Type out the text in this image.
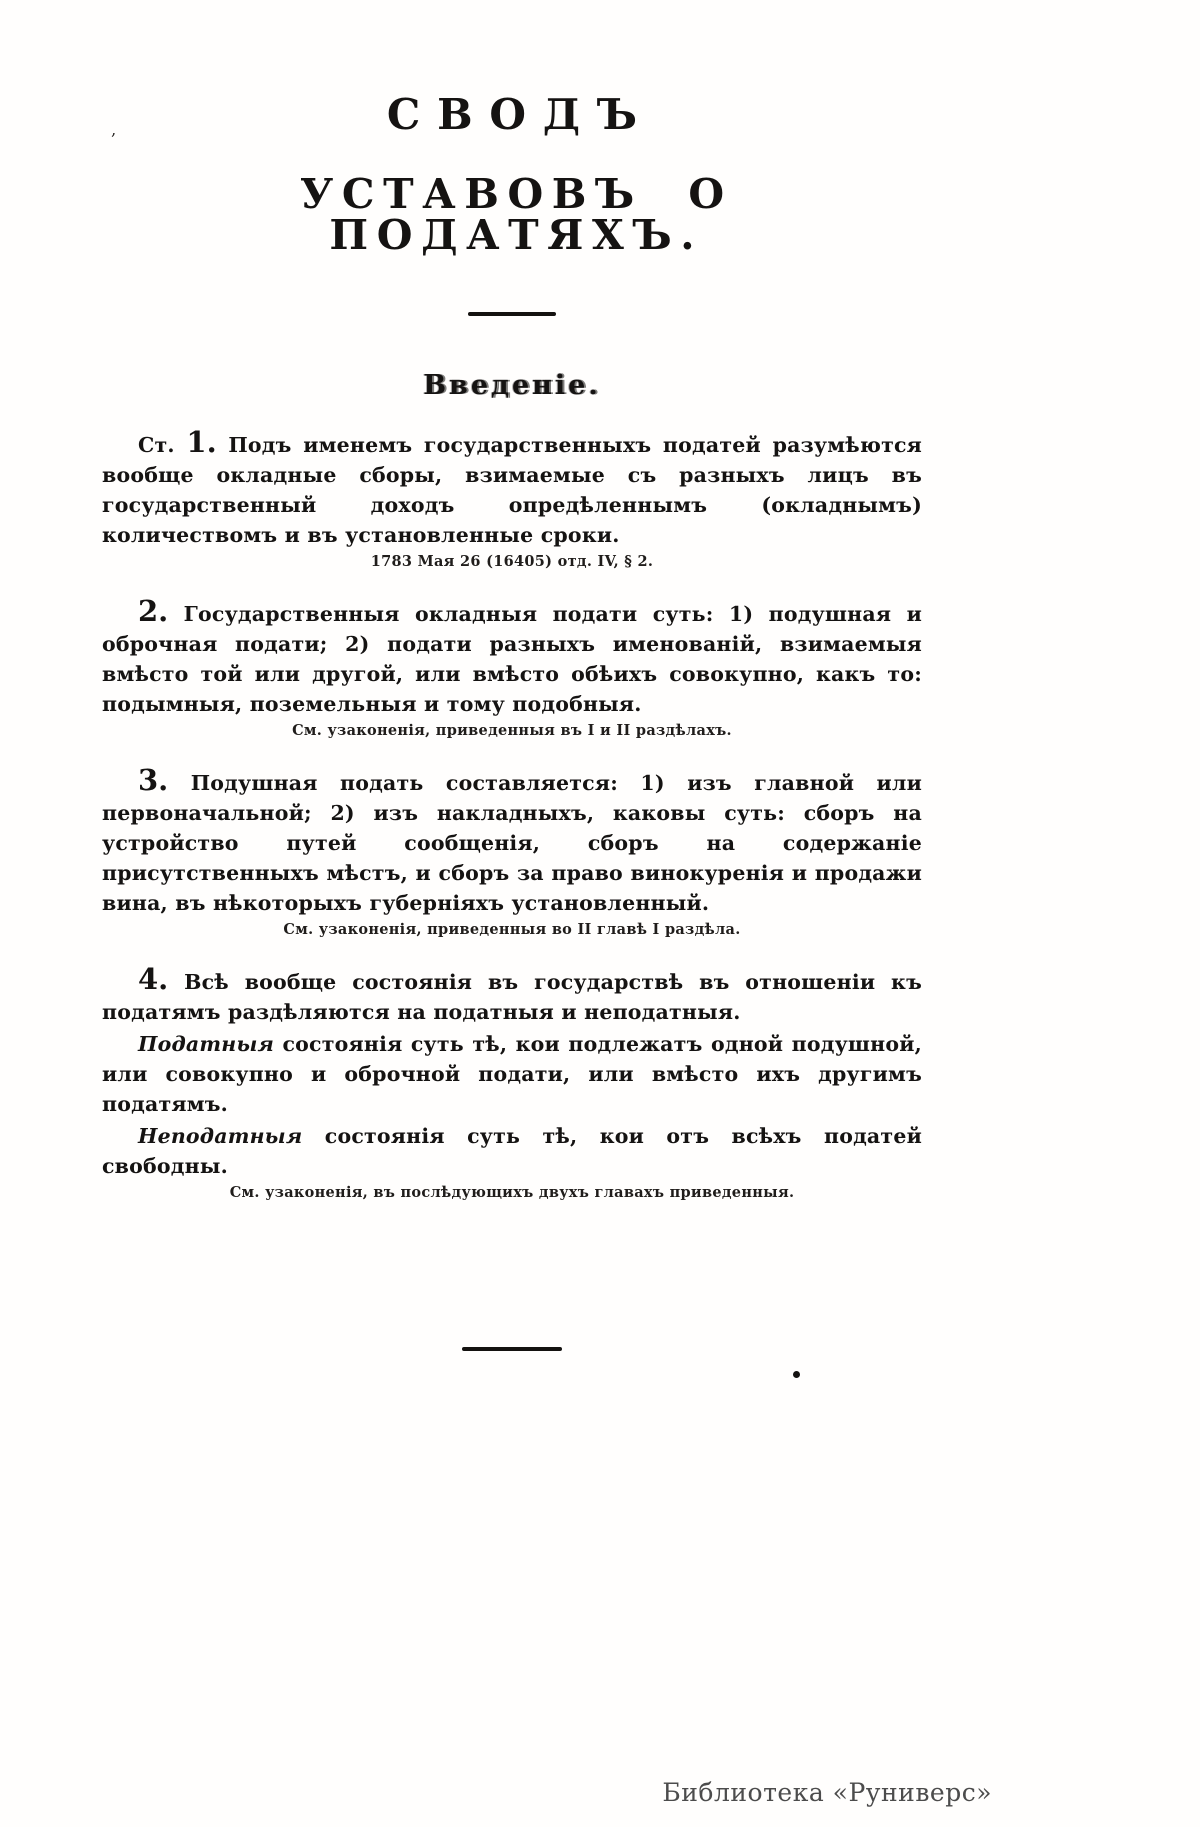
‚	СВОДЪ
УСТАВОВЪ О ПОДАТЯХЪ.
Введеніе.

Ст. 1. Подъ именемъ государственныхъ податей разумѣются вообще окладные сборы, взимаемые съ разныхъ лицъ въ государственный доходъ опредѣленнымъ (окладнымъ) количествомъ и въ установленные сроки.

1783 Мая 26 (16405) отд. IV, § 2.

2. Государственныя окладныя подати суть: 1) подушная и оброчная подати; 2) подати разныхъ именованій, взимаемыя вмѣсто той или другой, или вмѣсто обѣихъ совокупно, какъ то: подымныя, поземельныя и тому подобныя.

См. узаконенія, приведенныя въ I и II раздѣлахъ.

3. Подушная подать составляется: 1) изъ главной или первоначальной; 2) изъ накладныхъ, каковы суть: сборъ на устройство путей сообщенія, сборъ на содержаніе присутственныхъ мѣстъ, и сборъ за право винокуренія и продажи вина, въ нѣкоторыхъ губерніяхъ установленный.

См. узаконенія, приведенныя во II главѣ I раздѣла.

4. Всѣ вообще состоянія въ государствѣ въ отношеніи къ податямъ раздѣляются на податныя и неподатныя.

Податныя состоянія суть тѣ, кои подлежатъ одной подушной, или совокупно и оброчной подати, или вмѣсто ихъ другимъ податямъ.

Неподатныя состоянія суть тѣ, кои отъ всѣхъ податей свободны.

См. узаконенія, въ послѣдующихъ двухъ главахъ приведенныя.

Библиотека «Руниверс»
